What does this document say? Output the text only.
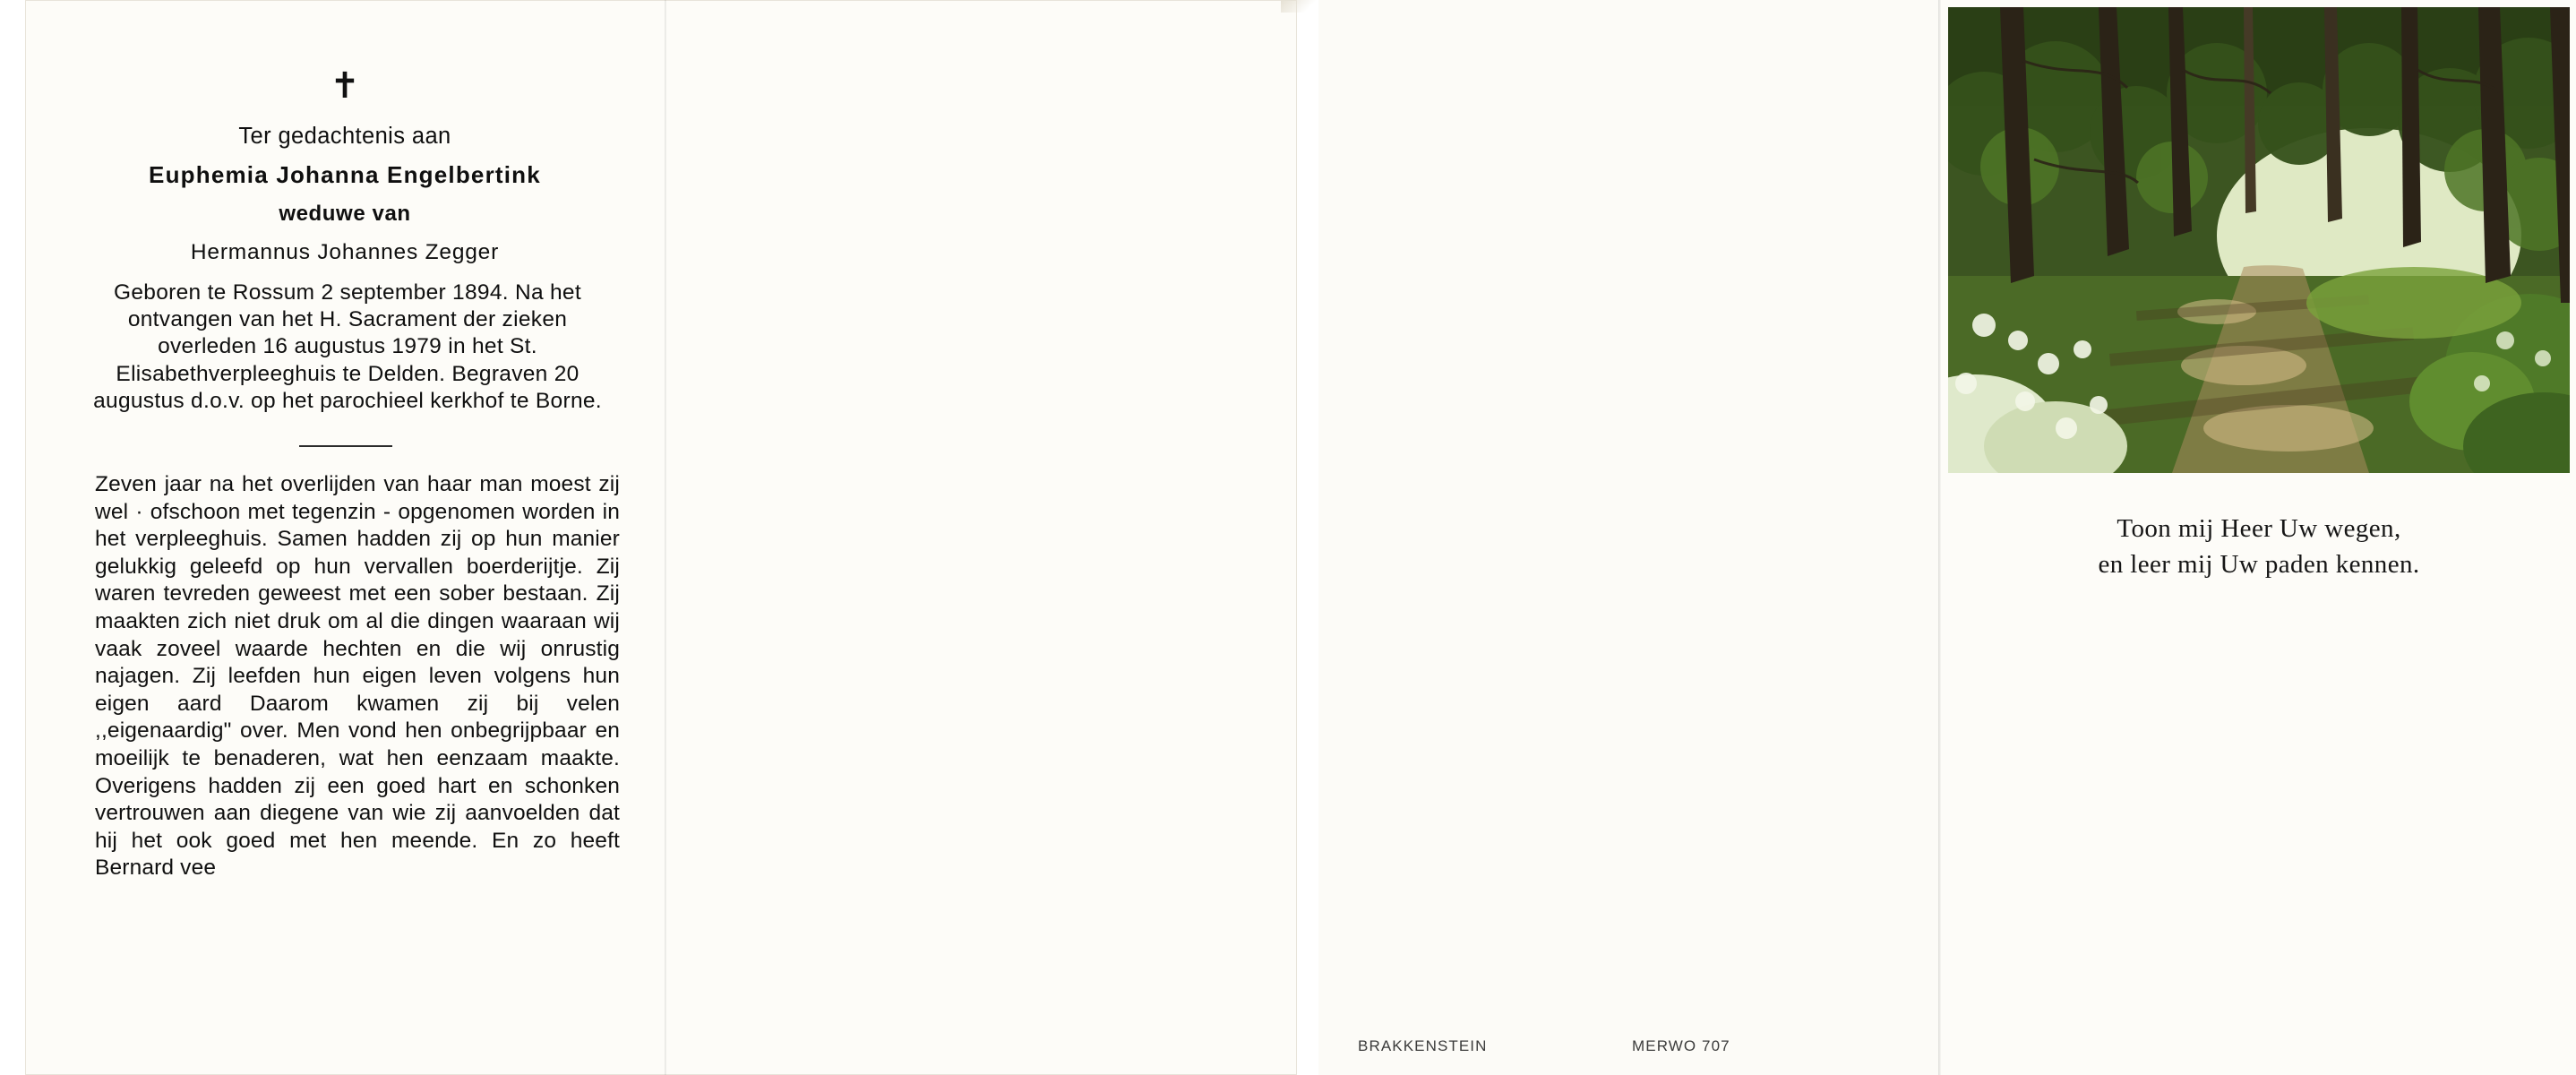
✝
Ter gedachtenis aan
Euphemia Johanna Engelbertink
weduwe van
Hermannus Johannes Zegger
Geboren te Rossum 2 september 1894. Na het ontvangen van het H. Sacrament der zieken overleden 16 augustus 1979 in het St. Elisabethverpleeghuis te Delden. Begraven 20 augustus d.o.v. op het parochieel kerkhof te Borne.

Zeven jaar na het overlijden van haar man moest zij wel · ofschoon met tegenzin - opgenomen worden in het verpleeghuis. Samen hadden zij op hun manier gelukkig geleefd op hun vervallen boerderijtje. Zij waren tevreden geweest met een sober bestaan. Zij maakten zich niet druk om al die dingen waaraan wij vaak zoveel waarde hechten en die wij onrustig najagen. Zij leefden hun eigen leven volgens hun eigen aard Daarom kwamen zij bij velen ,,eigenaardig" over. Men vond hen onbegrijpbaar en moeilijk te benaderen, wat hen eenzaam maakte. Overigens hadden zij een goed hart en schonken vertrouwen aan diegene van wie zij aanvoelden dat hij het ook goed met hen meende. En zo heeft Bernard vee

BRAKKENSTEIN	MERWO 707
Toon mij Heer Uw wegen,
en leer mij Uw paden kennen.
